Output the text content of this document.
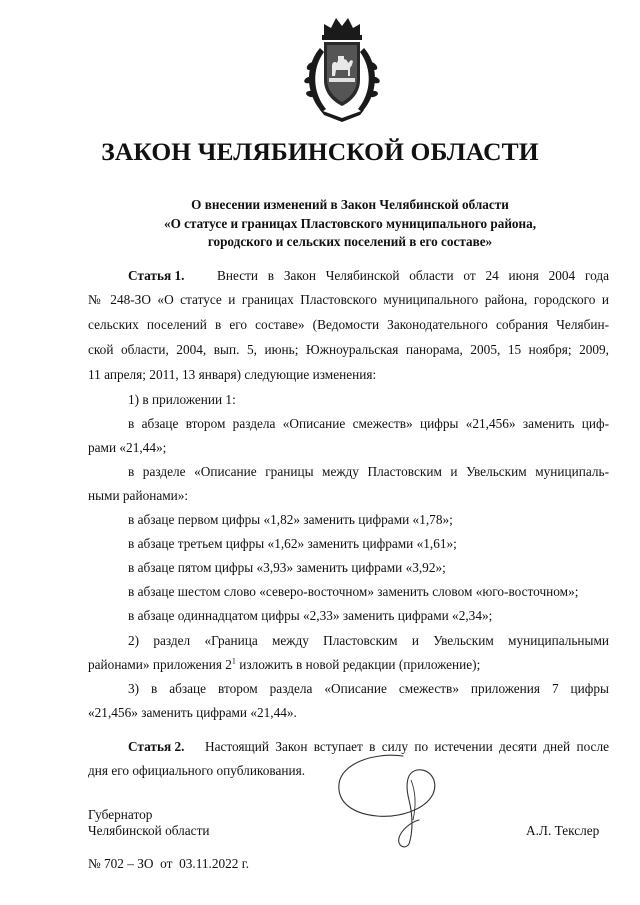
ЗАКОН ЧЕЛЯБИНСКОЙ ОБЛАСТИ
О внесении изменений в Закон Челябинской области
«О статусе и границах Пластовского муниципального района,
городского и сельских поселений в его составе»
Статья 1. Внести в Закон Челябинской области от 24 июня 2004 года
№ 248-ЗО «О статусе и границах Пластовского муниципального района, городского и
сельских поселений в его составе» (Ведомости Законодательного собрания Челябин-
ской области, 2004, вып. 5, июнь; Южноуральская панорама, 2005, 15 ноября; 2009,
11 апреля; 2011, 13 января) следующие изменения:
1) в приложении 1:
в абзаце втором раздела «Описание смежеств» цифры «21,456» заменить циф-
рами «21,44»;
в разделе «Описание границы между Пластовским и Увельским муниципаль-
ными районами»:
в абзаце первом цифры «1,82» заменить цифрами «1,78»;
в абзаце третьем цифры «1,62» заменить цифрами «1,61»;
в абзаце пятом цифры «3,93» заменить цифрами «3,92»;
в абзаце шестом слово «северо-восточном» заменить словом «юго-восточном»;
в абзаце одиннадцатом цифры «2,33» заменить цифрами «2,34»;
2) раздел «Граница между Пластовским и Увельским муниципальными
районами» приложения $2^1$ изложить в новой редакции (приложение);
3) в абзаце втором раздела «Описание смежеств» приложения 7 цифры
«21,456» заменить цифрами «21,44».
Статья 2. Настоящий Закон вступает в силу по истечении десяти дней после
дня его официального опубликования.
Губернатор
Челябинской области	А.Л. Текслер
№ 702 – ЗО  от  03.11.2022 г.
